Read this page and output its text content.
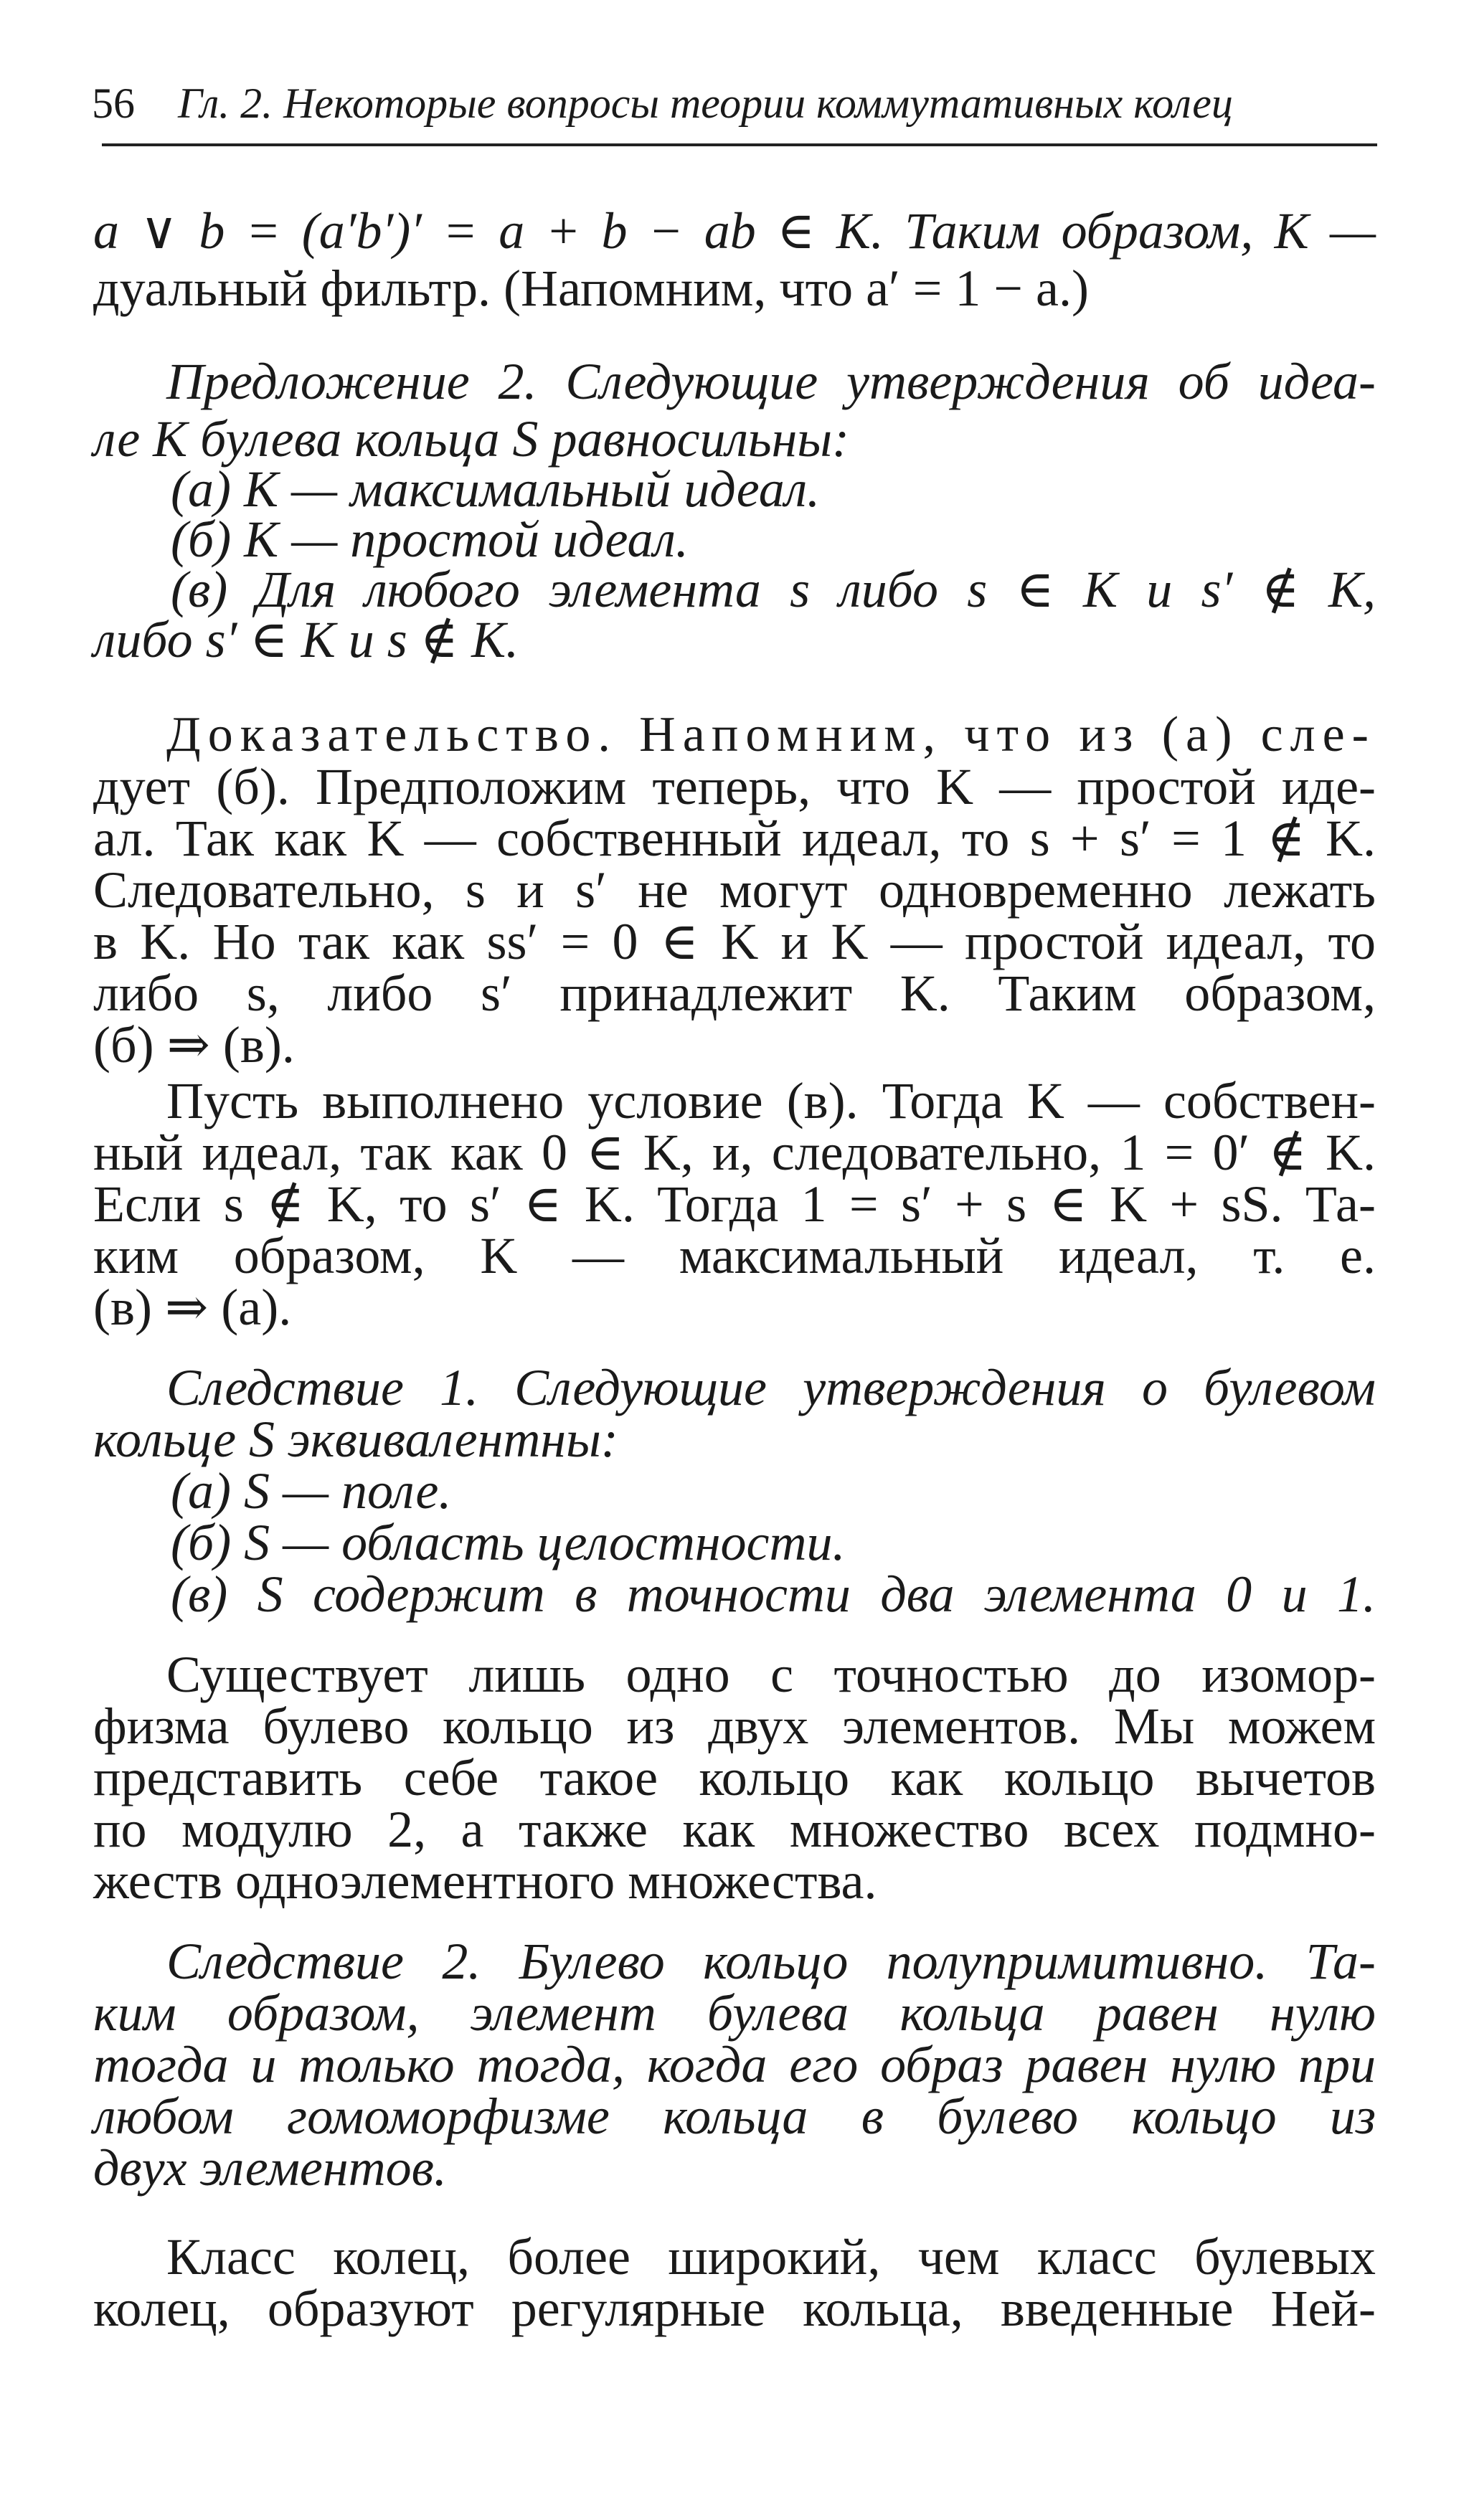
56 Гл. 2. Некоторые вопросы теории коммутативных колец
a ∨ b = (a′b′)′ = a + b − ab ∈ K. Таким образом, K —
дуальный фильтр. (Напомним, что a′ = 1 − a.)
Предложение 2. Следующие утверждения об идеа-
ле K булева кольца S равносильны:
(а) K — максимальный идеал.
(б) K — простой идеал.
(в) Для любого элемента s либо s ∈ K и s′ ∉ K,
либо s′ ∈ K и s ∉ K.
Доказательство. Напомним, что из (а) сле-
дует (б). Предположим теперь, что K — простой иде-
ал. Так как K — собственный идеал, то s + s′ = 1 ∉ K.
Следовательно, s и s′ не могут одновременно лежать
в K. Но так как ss′ = 0 ∈ K и K — простой идеал, то
либо s, либо s′ принадлежит K. Таким образом,
(б) ⇒ (в).
Пусть выполнено условие (в). Тогда K — собствен-
ный идеал, так как 0 ∈ K, и, следовательно, 1 = 0′ ∉ K.
Если s ∉ K, то s′ ∈ K. Тогда 1 = s′ + s ∈ K + sS. Та-
ким образом, K — максимальный идеал, т. е.
(в) ⇒ (а).
Следствие 1. Следующие утверждения о булевом
кольце S эквивалентны:
(а) S — поле.
(б) S — область целостности.
(в) S содержит в точности два элемента 0 и 1.
Существует лишь одно с точностью до изомор-
физма булево кольцо из двух элементов. Мы можем
представить себе такое кольцо как кольцо вычетов
по модулю 2, а также как множество всех подмно-
жеств одноэлементного множества.
Следствие 2. Булево кольцо полупримитивно. Та-
ким образом, элемент булева кольца равен нулю
тогда и только тогда, когда его образ равен нулю при
любом гомоморфизме кольца в булево кольцо из
двух элементов.
Класс колец, более широкий, чем класс булевых
колец, образуют регулярные кольца, введенные Ней-
